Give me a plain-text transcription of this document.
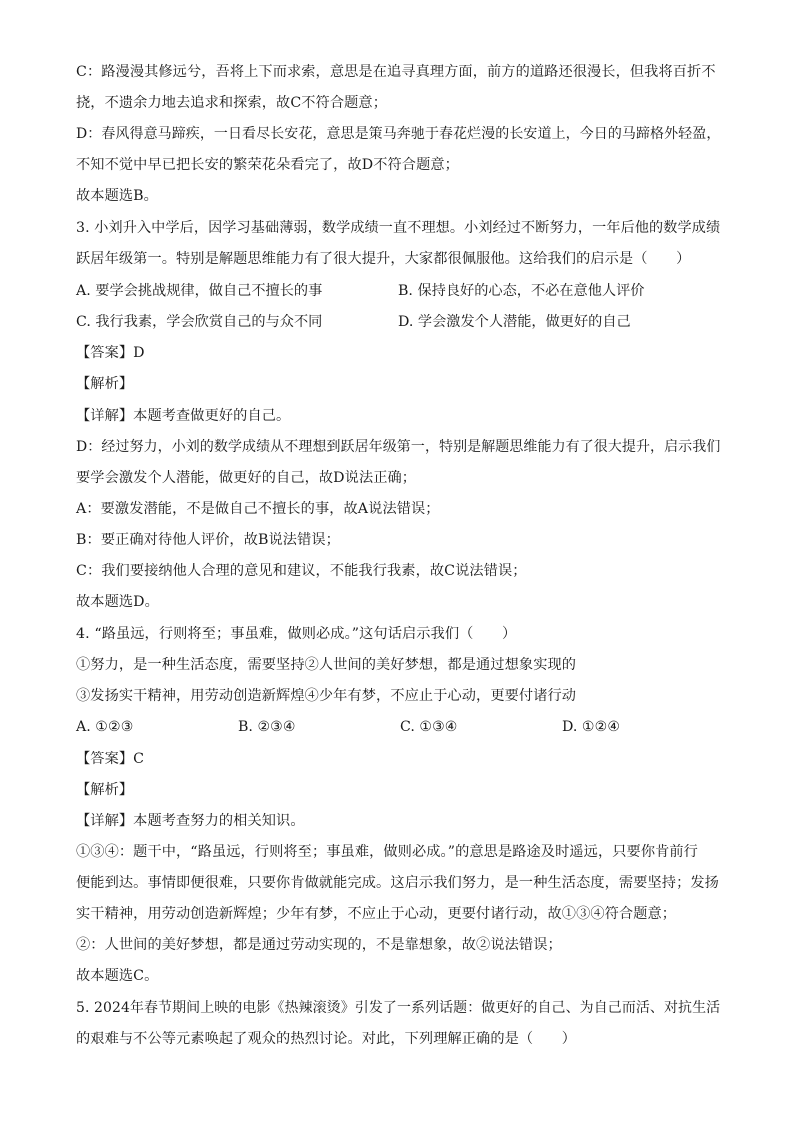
C：路漫漫其修远兮，吾将上下而求索，意思是在追寻真理方面，前方的道路还很漫长，但我将百折不
挠，不遗余力地去追求和探索，故C不符合题意；
D：春风得意马蹄疾，一日看尽长安花，意思是策马奔驰于春花烂漫的长安道上，今日的马蹄格外轻盈，
不知不觉中早已把长安的繁荣花朵看完了，故D不符合题意；
故本题选B。
3. 小刘升入中学后，因学习基础薄弱，数学成绩一直不理想。小刘经过不断努力，一年后他的数学成绩
跃居年级第一。特别是解题思维能力有了很大提升，大家都很佩服他。这给我们的启示是（　　）
A. 要学会挑战规律，做自己不擅长的事	B. 保持良好的心态，不必在意他人评价
C. 我行我素，学会欣赏自己的与众不同	D. 学会激发个人潜能，做更好的自己
【答案】D
【解析】
【详解】本题考查做更好的自己。
D：经过努力，小刘的数学成绩从不理想到跃居年级第一，特别是解题思维能力有了很大提升，启示我们
要学会激发个人潜能，做更好的自己，故D说法正确；
A：要激发潜能，不是做自己不擅长的事，故A说法错误；
B：要正确对待他人评价，故B说法错误；
C：我们要接纳他人合理的意见和建议，不能我行我素，故C说法错误；
故本题选D。
4. “路虽远，行则将至；事虽难，做则必成。”这句话启示我们（　　）
①努力，是一种生活态度，需要坚持②人世间的美好梦想，都是通过想象实现的
③发扬实干精神，用劳动创造新辉煌④少年有梦，不应止于心动，更要付诸行动
A. ①②③	B. ②③④	C. ①③④	D. ①②④
【答案】C
【解析】
【详解】本题考查努力的相关知识。
①③④：题干中，“路虽远，行则将至；事虽难，做则必成。”的意思是路途及时遥远，只要你肯前行
便能到达。事情即便很难，只要你肯做就能完成。这启示我们努力，是一种生活态度，需要坚持；发扬
实干精神，用劳动创造新辉煌；少年有梦，不应止于心动，更要付诸行动，故①③④符合题意；
②：人世间的美好梦想，都是通过劳动实现的，不是靠想象，故②说法错误；
故本题选C。
5. 2024年春节期间上映的电影《热辣滚烫》引发了一系列话题：做更好的自己、为自己而活、对抗生活
的艰难与不公等元素唤起了观众的热烈讨论。对此，下列理解正确的是（　　）
